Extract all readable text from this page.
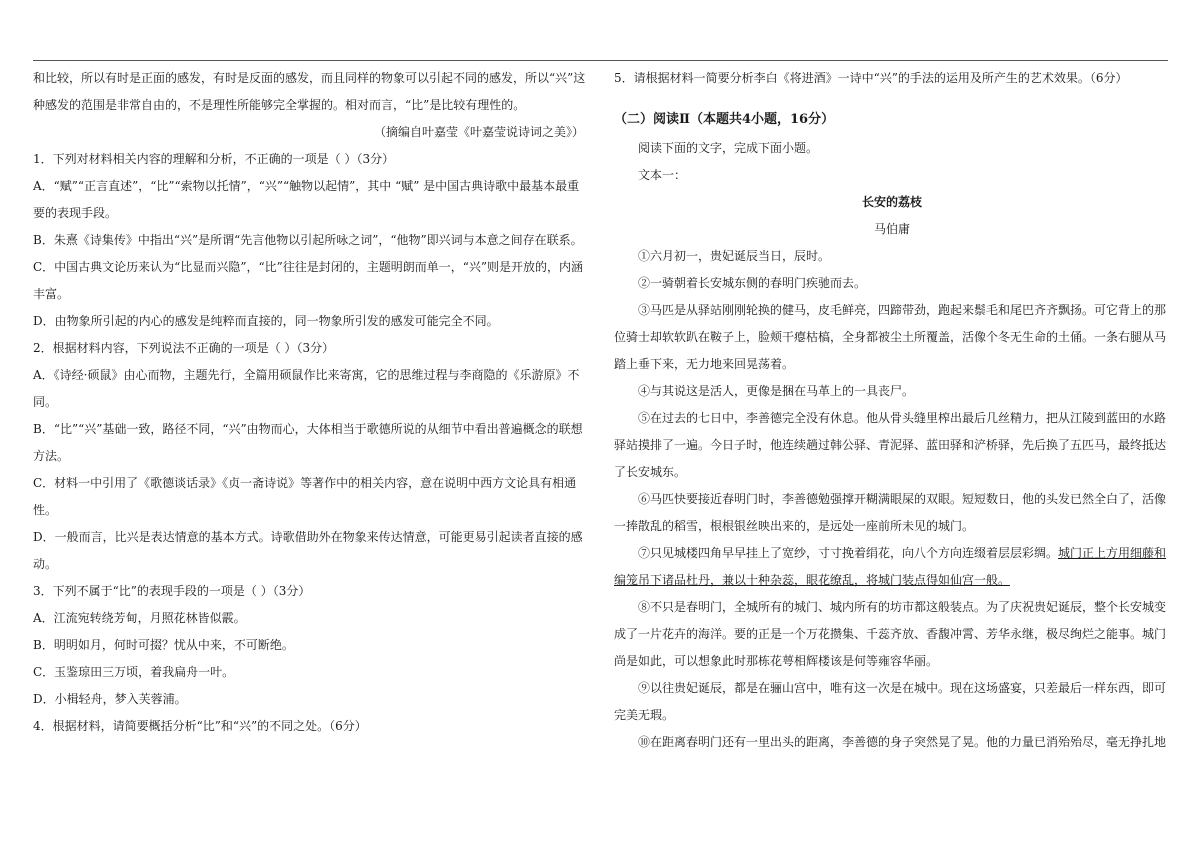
和比较，所以有时是正面的感发，有时是反面的感发，而且同样的物象可以引起不同的感发，所以“兴”这种感发的范围是非常自由的，不是理性所能够完全掌握的。相对而言，“比”是比较有理性的。

（摘编自叶嘉莹《叶嘉莹说诗词之美》）

1．下列对材料相关内容的理解和分析，不正确的一项是（ ）（3分）

A．“赋”“正言直述”，“比”“索物以托情”，“兴”“触物以起情”，其中 “赋” 是中国古典诗歌中最基本最重要的表现手段。

B．朱熹《诗集传》中指出“兴”是所谓“先言他物以引起所咏之词”，“他物”即兴词与本意之间存在联系。

C．中国古典文论历来认为“比显而兴隐”，“比”往往是封闭的，主题明朗而单一，“兴”则是开放的，内涵丰富。

D．由物象所引起的内心的感发是纯粹而直接的，同一物象所引发的感发可能完全不同。

2．根据材料内容，下列说法不正确的一项是（ ）（3分）

A．《诗经·硕鼠》由心而物，主题先行，全篇用硕鼠作比来寄寓，它的思维过程与李商隐的《乐游原》不同。

B．“比”“兴”基础一致，路径不同，“兴”由物而心，大体相当于歌德所说的从细节中看出普遍概念的联想方法。

C．材料一中引用了《歌德谈话录》《贞一斋诗说》等著作中的相关内容，意在说明中西方文论具有相通性。

D．一般而言，比兴是表达情意的基本方式。诗歌借助外在物象来传达情意，可能更易引起读者直接的感动。

3．下列不属于“比”的表现手段的一项是（ ）（3分）

A．江流宛转绕芳甸，月照花林皆似霰。

B．明明如月，何时可掇？忧从中来，不可断绝。

C．玉鉴琼田三万顷，着我扁舟一叶。

D．小楫轻舟，梦入芙蓉浦。

4．根据材料，请简要概括分析“比”和“兴”的不同之处。（6分）

5．请根据材料一简要分析李白《将进酒》一诗中“兴”的手法的运用及所产生的艺术效果。（6分）

（二）阅读Ⅱ（本题共4小题，16分）

阅读下面的文字，完成下面小题。

文本一：

长安的荔枝

马伯庸

①六月初一，贵妃诞辰当日，辰时。

②一骑朝着长安城东侧的春明门疾驰而去。

③马匹是从驿站刚刚轮换的健马，皮毛鲜亮，四蹄带劲，跑起来鬃毛和尾巴齐齐飘扬。可它背上的那位骑士却软软趴在鞍子上，脸颊干瘪枯槁，全身都被尘土所覆盖，活像个冬无生命的土俑。一条右腿从马踏上垂下来，无力地来回晃荡着。

④与其说这是活人，更像是捆在马革上的一具丧尸。

⑤在过去的七日中，李善德完全没有休息。他从骨头缝里榨出最后几丝精力，把从江陵到蓝田的水路驿站摸排了一遍。今日子时，他连续趟过韩公驿、青泥驿、蓝田驿和浐桥驿，先后换了五匹马，最终抵达了长安城东。

⑥马匹快要接近春明门时，李善德勉强撑开糊满眼屎的双眼。短短数日，他的头发已然全白了，活像一捧散乱的稻雪，根根银丝映出来的，是远处一座前所未见的城门。

⑦只见城楼四角早早挂上了宽纱，寸寸挽着绢花，向八个方向连缀着层层彩绸。城门正上方用细藤和编笼吊下诸品杜丹，兼以十种杂蕊，眼花缭乱，将城门装点得如仙宫一般。

⑧不只是春明门，全城所有的城门、城内所有的坊市都这般装点。为了庆祝贵妃诞辰，整个长安城变成了一片花卉的海洋。要的正是一个万花攒集、千蕊齐放、香馥冲霄、芳华永继，极尽绚烂之能事。城门尚是如此，可以想象此时那栋花萼相辉楼该是何等雍容华丽。

⑨以往贵妃诞辰，都是在骊山宫中，唯有这一次是在城中。现在这场盛宴，只差最后一样东西，即可完美无瑕。

⑩在距离春明门还有一里出头的距离，李善德的身子突然晃了晃。他的力量已消殆殆尽，毫无挣扎地
